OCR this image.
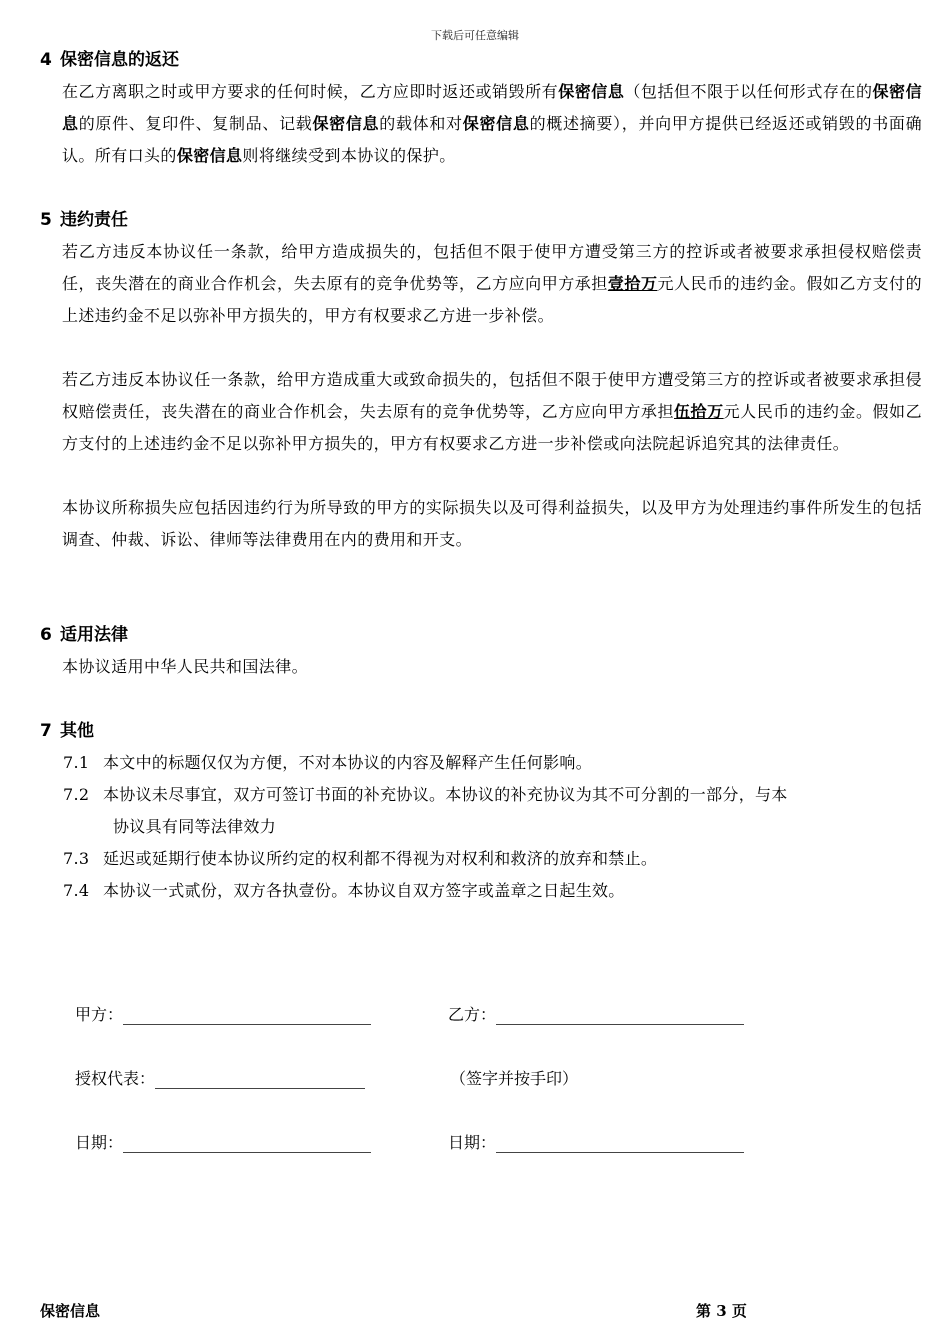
下载后可任意编辑
4 保密信息的返还
在乙方离职之时或甲方要求的任何时候，乙方应即时返还或销毁所有保密信息（包括但不限于以任何形式存在的保密信息的原件、复印件、复制品、记载保密信息的载体和对保密信息的概述摘要），并向甲方提供已经返还或销毁的书面确认。所有口头的保密信息则将继续受到本协议的保护。
5 违约责任
若乙方违反本协议任一条款，给甲方造成损失的，包括但不限于使甲方遭受第三方的控诉或者被要求承担侵权赔偿责任，丧失潜在的商业合作机会，失去原有的竞争优势等，乙方应向甲方承担壹拾万元人民币的违约金。假如乙方支付的上述违约金不足以弥补甲方损失的，甲方有权要求乙方进一步补偿。
若乙方违反本协议任一条款，给甲方造成重大或致命损失的，包括但不限于使甲方遭受第三方的控诉或者被要求承担侵权赔偿责任，丧失潜在的商业合作机会，失去原有的竞争优势等，乙方应向甲方承担伍拾万元人民币的违约金。假如乙方支付的上述违约金不足以弥补甲方损失的，甲方有权要求乙方进一步补偿或向法院起诉追究其的法律责任。
本协议所称损失应包括因违约行为所导致的甲方的实际损失以及可得利益损失，以及甲方为处理违约事件所发生的包括调查、仲裁、诉讼、律师等法律费用在内的费用和开支。
6 适用法律
本协议适用中华人民共和国法律。
7 其他
7.1 本文中的标题仅仅为方便，不对本协议的内容及解释产生任何影响。
7.2 本协议未尽事宜，双方可签订书面的补充协议。本协议的补充协议为其不可分割的一部分，与本
协议具有同等法律效力
7.3 延迟或延期行使本协议所约定的权利都不得视为对权利和救济的放弃和禁止。
7.4 本协议一式贰份，双方各执壹份。本协议自双方签字或盖章之日起生效。
甲方：	乙方：
授权代表：	（签字并按手印）
日期：	日期：
保密信息	第 3 页
